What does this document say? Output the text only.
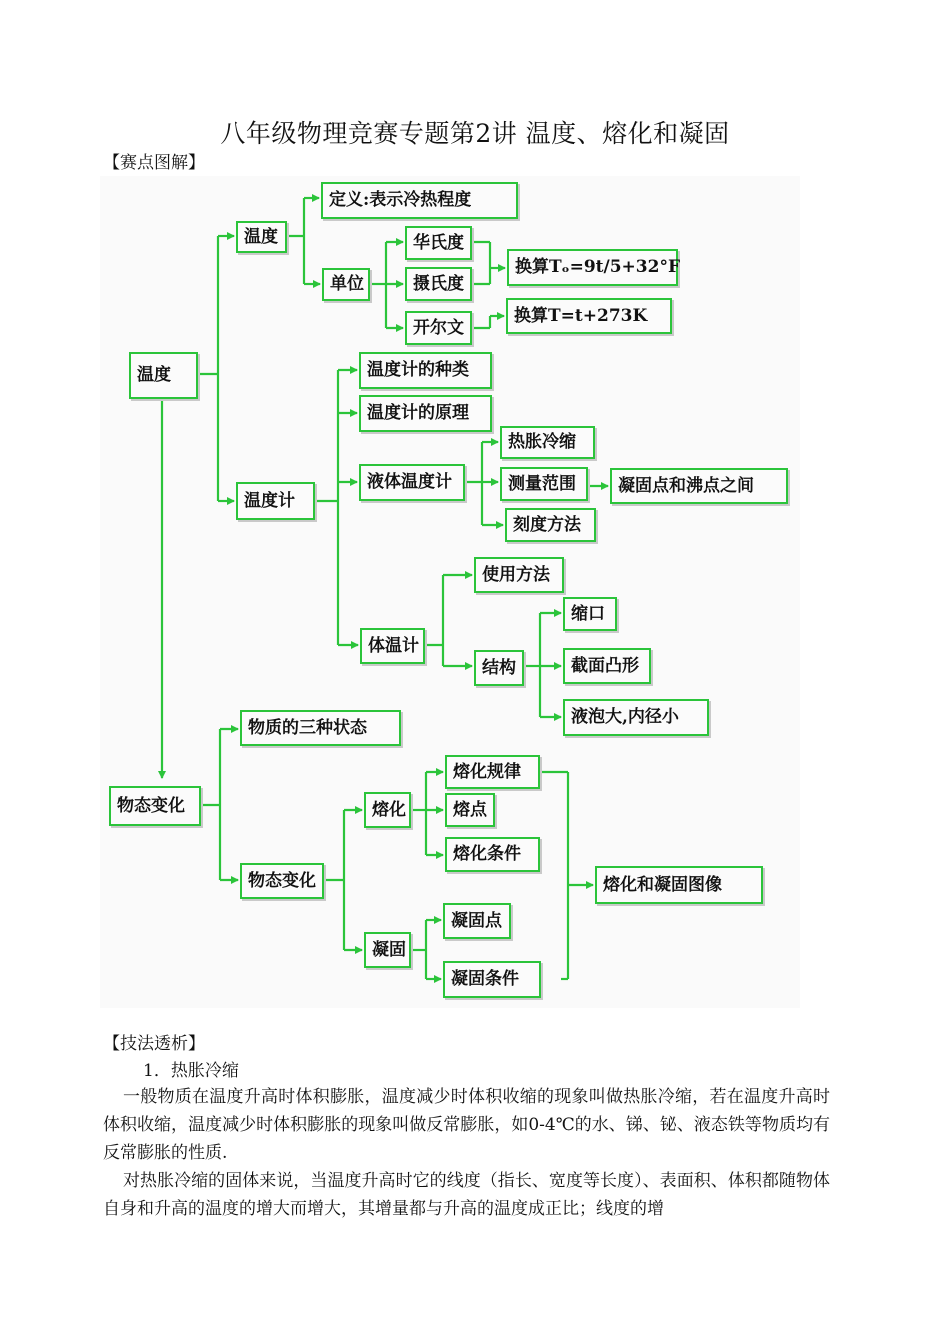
八年级物理竞赛专题第2讲 温度、熔化和凝固
【赛点图解】
温度
温度
定义:表示冷热程度
单位
华氏度
摄氏度
开尔文
换算Tₒ=9t/5+32°F
换算T=t+273K
温度计
温度计的种类
温度计的原理
液体温度计
热胀冷缩
测量范围	凝固点和沸点之间
刻度方法
体温计
使用方法
结构
缩口
截面凸形
液泡大,内径小
物态变化
物质的三种状态
物态变化
熔化
熔化规律
熔点
熔化条件
凝固
凝固点
凝固条件
熔化和凝固图像
【技法透析】
1．热胀冷缩
一般物质在温度升高时体积膨胀，温度减少时体积收缩的现象叫做热胀冷缩，若在温度升高时体积收缩，温度减少时体积膨胀的现象叫做反常膨胀，如0-4℃的水、锑、铋、液态铁等物质均有反常膨胀的性质.
对热胀冷缩的固体来说，当温度升高时它的线度（指长、宽度等长度）、表面积、体积都随物体自身和升高的温度的增大而增大，其增量都与升高的温度成正比；线度的增
